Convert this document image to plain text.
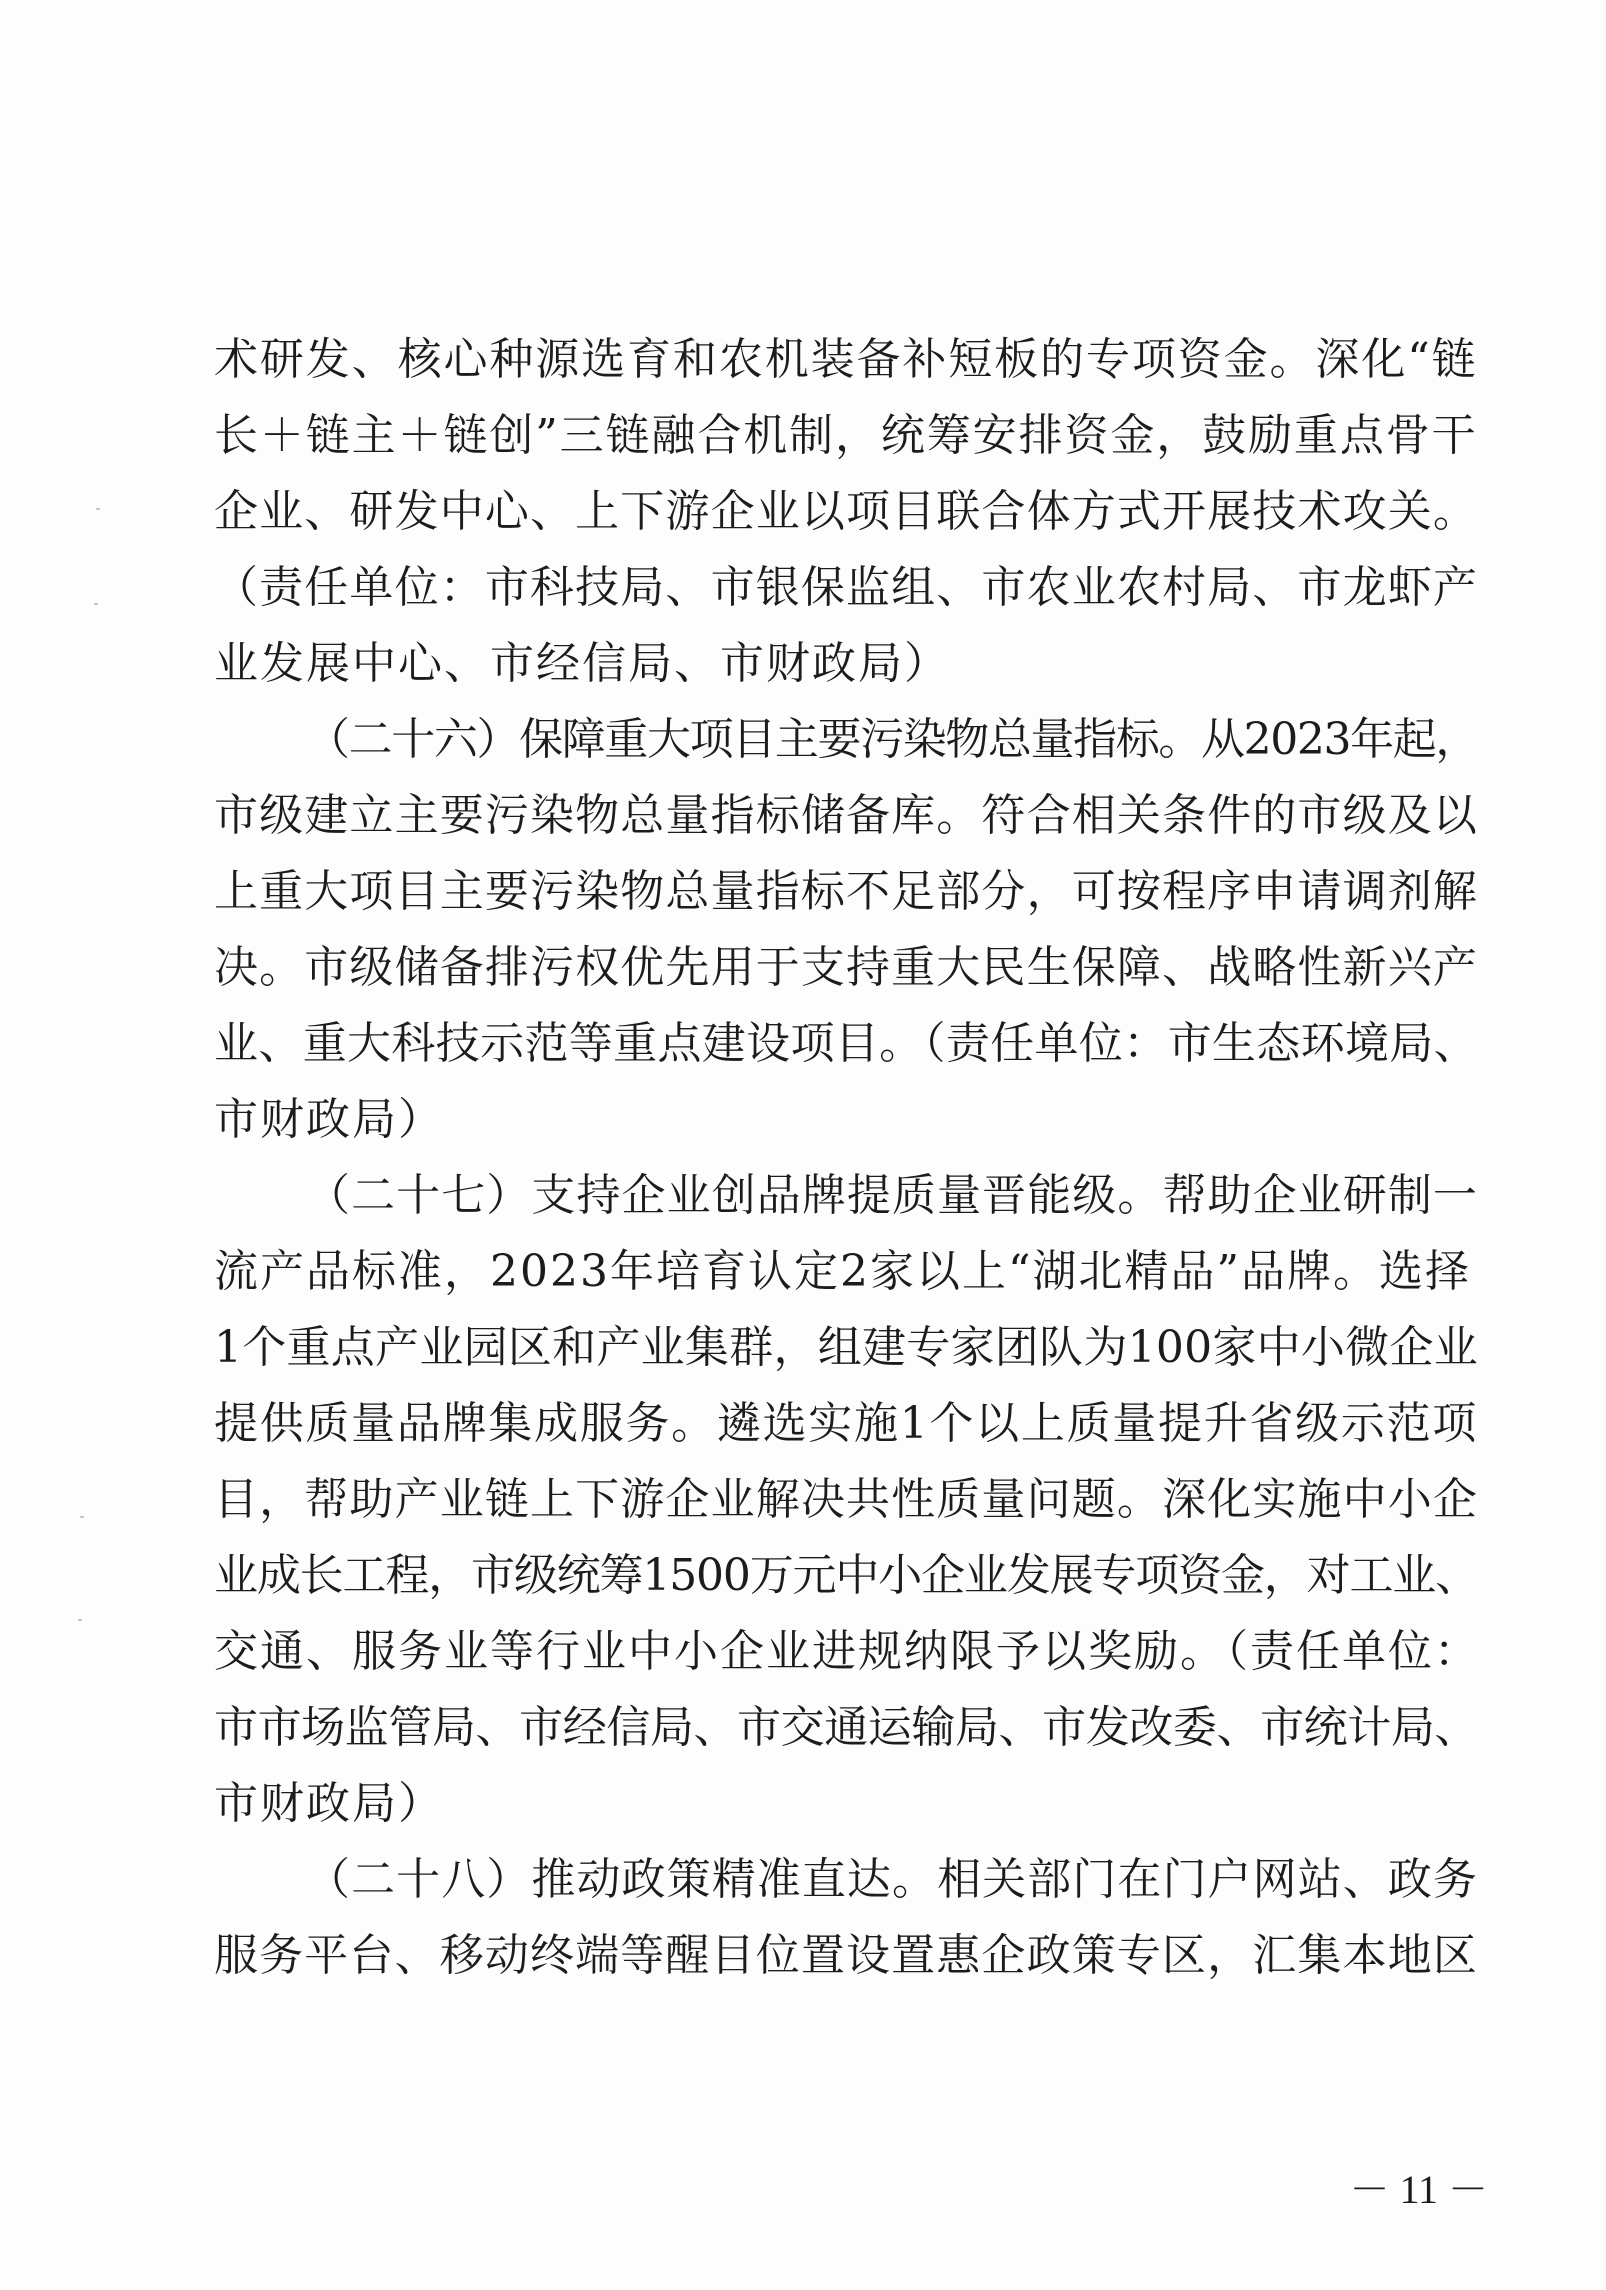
术研发、核心种源选育和农机装备补短板的专项资金。深化“链
长＋链主＋链创”三链融合机制，统筹安排资金，鼓励重点骨干
企业、研发中心、上下游企业以项目联合体方式开展技术攻关。
（责任单位：市科技局、市银保监组、市农业农村局、市龙虾产
业发展中心、市经信局、市财政局）
（二十六）保障重大项目主要污染物总量指标。从2023年起，
市级建立主要污染物总量指标储备库。符合相关条件的市级及以
上重大项目主要污染物总量指标不足部分，可按程序申请调剂解
决。市级储备排污权优先用于支持重大民生保障、战略性新兴产
业、重大科技示范等重点建设项目。（责任单位：市生态环境局、
市财政局）
（二十七）支持企业创品牌提质量晋能级。帮助企业研制一
流产品标准，2023年培育认定2家以上“湖北精品”品牌。选择
1个重点产业园区和产业集群，组建专家团队为100家中小微企业
提供质量品牌集成服务。遴选实施1个以上质量提升省级示范项
目，帮助产业链上下游企业解决共性质量问题。深化实施中小企
业成长工程，市级统筹1500万元中小企业发展专项资金，对工业、
交通、服务业等行业中小企业进规纳限予以奖励。（责任单位：
市市场监管局、市经信局、市交通运输局、市发改委、市统计局、
市财政局）
（二十八）推动政策精准直达。相关部门在门户网站、政务
服务平台、移动终端等醒目位置设置惠企政策专区，汇集本地区
－ 11 －
